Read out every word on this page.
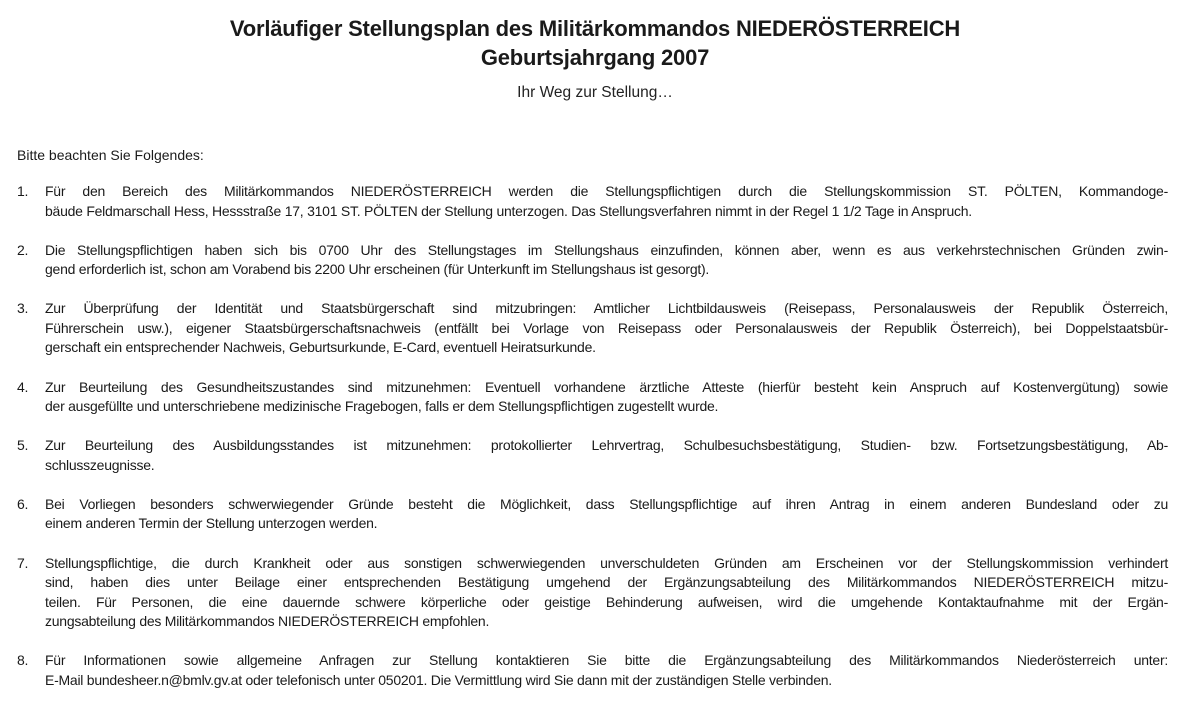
Vorläufiger Stellungsplan des Militärkommandos NIEDERÖSTERREICH
Geburtsjahrgang 2007
Ihr Weg zur Stellung…
Bitte beachten Sie Folgendes:
1. Für den Bereich des Militärkommandos NIEDERÖSTERREICH werden die Stellungspflichtigen durch die Stellungskommission ST. PÖLTEN, Kommandoge-
bäude Feldmarschall Hess, Hessstraße 17, 3101 ST. PÖLTEN der Stellung unterzogen. Das Stellungsverfahren nimmt in der Regel 1 1/2 Tage in Anspruch.
2. Die Stellungspflichtigen haben sich bis 0700 Uhr des Stellungstages im Stellungshaus einzufinden, können aber, wenn es aus verkehrstechnischen Gründen zwin-
gend erforderlich ist, schon am Vorabend bis 2200 Uhr erscheinen (für Unterkunft im Stellungshaus ist gesorgt).
3. Zur Überprüfung der Identität und Staatsbürgerschaft sind mitzubringen: Amtlicher Lichtbildausweis (Reisepass, Personalausweis der Republik Österreich,
Führerschein usw.), eigener Staatsbürgerschaftsnachweis (entfällt bei Vorlage von Reisepass oder Personalausweis der Republik Österreich), bei Doppelstaatsbür-
gerschaft ein entsprechender Nachweis, Geburtsurkunde, E-Card, eventuell Heiratsurkunde.
4. Zur Beurteilung des Gesundheitszustandes sind mitzunehmen: Eventuell vorhandene ärztliche Atteste (hierfür besteht kein Anspruch auf Kostenvergütung) sowie
der ausgefüllte und unterschriebene medizinische Fragebogen, falls er dem Stellungspflichtigen zugestellt wurde.
5. Zur Beurteilung des Ausbildungsstandes ist mitzunehmen: protokollierter Lehrvertrag, Schulbesuchsbestätigung, Studien- bzw. Fortsetzungsbestätigung, Ab-
schlusszeugnisse.
6. Bei Vorliegen besonders schwerwiegender Gründe besteht die Möglichkeit, dass Stellungspflichtige auf ihren Antrag in einem anderen Bundesland oder zu
einem anderen Termin der Stellung unterzogen werden.
7. Stellungspflichtige, die durch Krankheit oder aus sonstigen schwerwiegenden unverschuldeten Gründen am Erscheinen vor der Stellungskommission verhindert
sind, haben dies unter Beilage einer entsprechenden Bestätigung umgehend der Ergänzungsabteilung des Militärkommandos NIEDERÖSTERREICH mitzu-
teilen. Für Personen, die eine dauernde schwere körperliche oder geistige Behinderung aufweisen, wird die umgehende Kontaktaufnahme mit der Ergän-
zungsabteilung des Militärkommandos NIEDERÖSTERREICH empfohlen.
8. Für Informationen sowie allgemeine Anfragen zur Stellung kontaktieren Sie bitte die Ergänzungsabteilung des Militärkommandos Niederösterreich unter:
E-Mail bundesheer.n@bmlv.gv.at oder telefonisch unter 050201. Die Vermittlung wird Sie dann mit der zuständigen Stelle verbinden.
